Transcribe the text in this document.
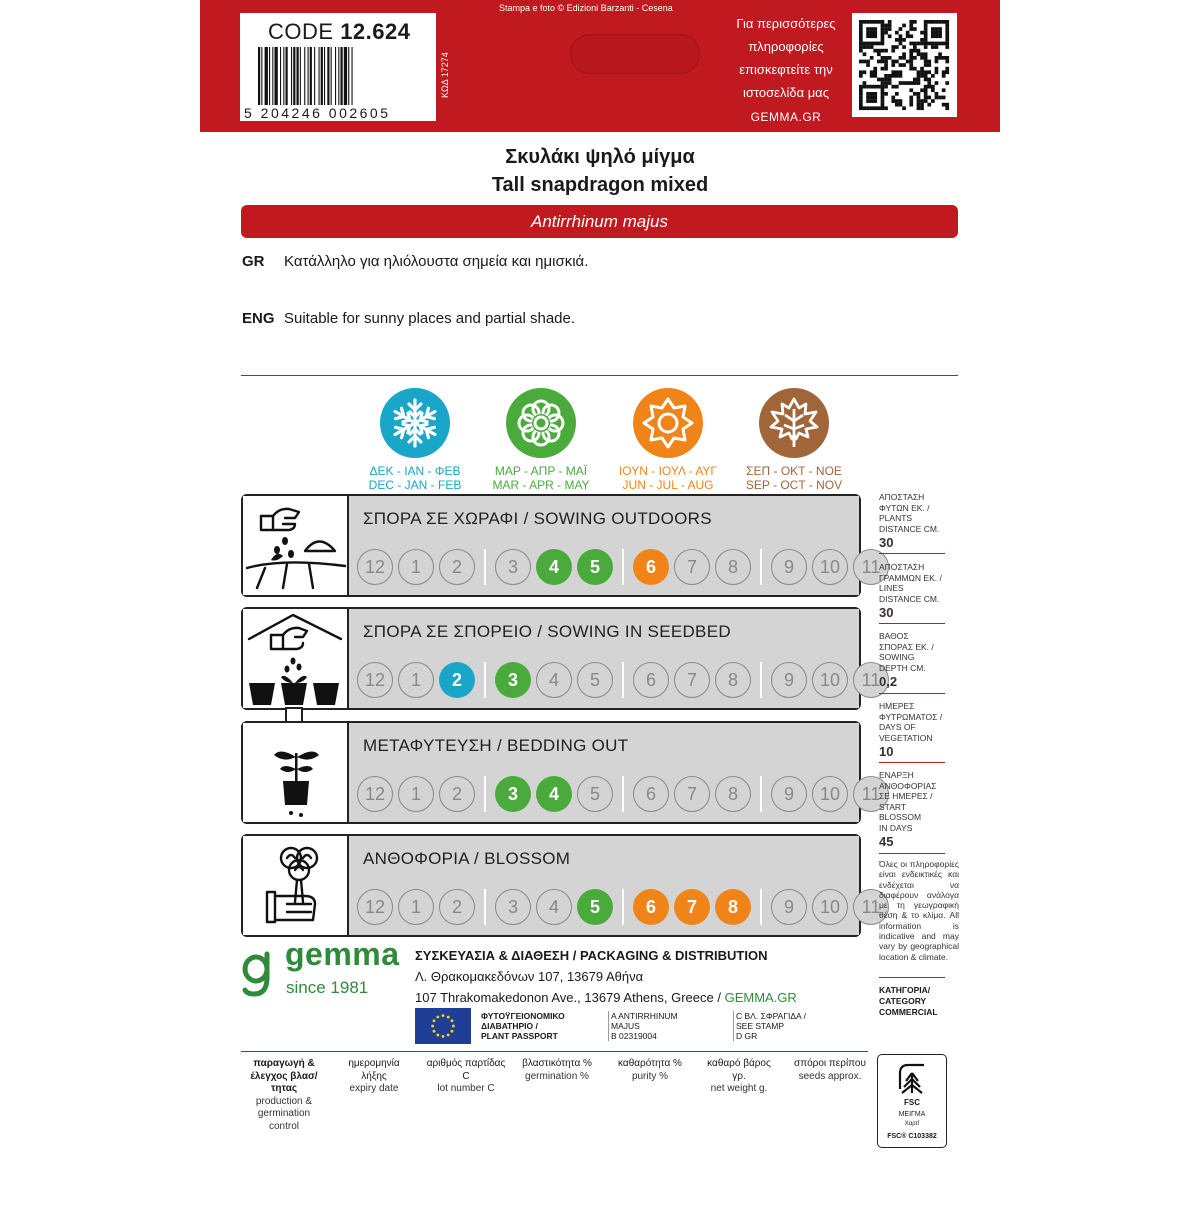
CODE 12.624
5 204246 002605
ΚΩΔ 17274
Stampa e foto © Edizioni Barzanti - Cesena
Για περισσότερες
πληροφορίες
επισκεφτείτε την
ιστοσελίδα μας
GEMMA.GR
Σκυλάκι ψηλό μίγμα
Tall snapdragon mixed
Antirrhinum majus
GR Κατάλληλο για ηλιόλουστα σημεία και ημισκιά.
ENG Suitable for sunny places and partial shade.
ΔΕΚ - ΙΑΝ - ΦΕΒ
DEC - JAN - FEB
ΜΑΡ - ΑΠΡ - ΜΑΪ
MAR - APR - MAY
ΙΟΥΝ - ΙΟΥΛ - ΑΥΓ
JUN - JUL - AUG
ΣΕΠ - ΟΚΤ - ΝΟΕ
SEP - OCT - NOV
ΣΠΟΡΑ ΣΕ ΧΩΡΑΦΙ / SOWING OUTDOORS
12	1	2	3	4	5	6	7	8	9	10	11
ΣΠΟΡΑ ΣΕ ΣΠΟΡΕΙΟ / SOWING IN SEEDBED
12	1	2	3	4	5	6	7	8	9	10	11
ΜΕΤΑΦΥΤΕΥΣΗ / BEDDING OUT
12	1	2	3	4	5	6	7	8	9	10	11
ΑΝΘΟΦΟΡΙΑ / BLOSSOM
12	1	2	3	4	5	6	7	8	9	10	11
ΑΠΟΣΤΑΣΗ
ΦΥΤΩΝ ΕΚ. /
PLANTS
DISTANCE CM.
30
ΑΠΟΣΤΑΣΗ
ΓΡΑΜΜΩΝ ΕΚ. /
LINES
DISTANCE CM.
30
ΒΑΘΟΣ
ΣΠΟΡΑΣ ΕΚ. /
SOWING
DEPTH CM.
0,2
ΗΜΕΡΕΣ
ΦΥΤΡΩΜΑΤΟΣ /
DAYS OF
VEGETATION
10
ΕΝΑΡΞΗ
ΑΝΘΟΦΟΡΙΑΣ
ΣΕ ΗΜΕΡΕΣ /
START
BLOSSOM
IN DAYS
45
Όλες οι πληροφορίες είναι ενδεικτικές και ενδέχεται να διαφέρουν ανάλογα με τη γεωγραφική θέση & το κλίμα. All information is indicative and may vary by geographical location & climate.
ΚΑΤΗΓΟΡΙΑ/
CATEGORY
COMMERCIAL
gemma
since 1981
ΣΥΣΚΕΥΑΣΙΑ & ΔΙΑΘΕΣΗ / PACKAGING & DISTRIBUTION
Λ. Θρακομακεδόνων 107, 13679 Αθήνα
107 Thrakomakedonon Ave., 13679 Athens, Greece / GEMMA.GR
ΦΥΤΟΫΓΕΙΟΝΟΜΙΚΟ
ΔΙΑΒΑΤΗΡΙΟ /
PLANT PASSPORT
A ANTIRRHINUM
MAJUS
B 02319004
C ΒΛ. ΣΦΡΑΓΙΔΑ /
SEE STAMP
D GR
παραγωγή & έλεγχος βλασ/τητας
production & germination control
ημερομηνία λήξης
expiry date
αριθμός παρτίδας C
lot number C
βλαστικότητα %
germination %
καθαρότητα %
purity %
καθαρό βάρος γρ.
net weight g.
σπόροι περίπου
seeds approx.
FSC
ΜΕΙΓΜΑ
Χαρτί
FSC® C103382
